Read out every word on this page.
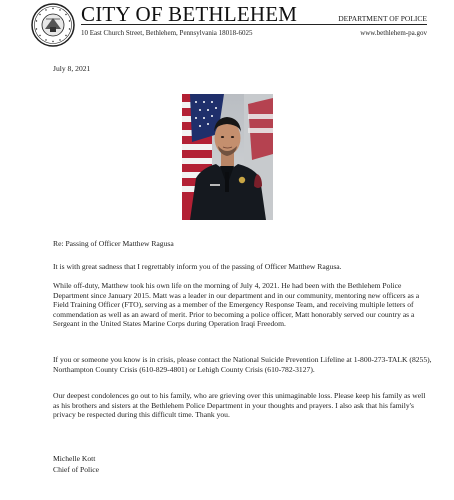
CITY OF BETHLEHEM
10 East Church Street, Bethlehem, Pennsylvania 18018-6025
DEPARTMENT OF POLICE
www.bethlehem-pa.gov
July 8, 2021
Re: Passing of Officer Matthew Ragusa
It is with great sadness that I regrettably inform you of the passing of Officer Matthew Ragusa.
While off-duty, Matthew took his own life on the morning of July 4, 2021. He had been with the Bethlehem Police Department since January 2015. Matt was a leader in our department and in our community, mentoring new officers as a Field Training Officer (FTO), serving as a member of the Emergency Response Team, and receiving multiple letters of commendation as well as an award of merit. Prior to becoming a police officer, Matt honorably served our country as a Sergeant in the United States Marine Corps during Operation Iraqi Freedom.
If you or someone you know is in crisis, please contact the National Suicide Prevention Lifeline at 1-800-273-TALK (8255), Northampton County Crisis (610-829-4801) or Lehigh County Crisis (610-782-3127).
Our deepest condolences go out to his family, who are grieving over this unimaginable loss. Please keep his family as well as his brothers and sisters at the Bethlehem Police Department in your thoughts and prayers. I also ask that his family's privacy be respected during this difficult time. Thank you.
Michelle Kott
Chief of Police
